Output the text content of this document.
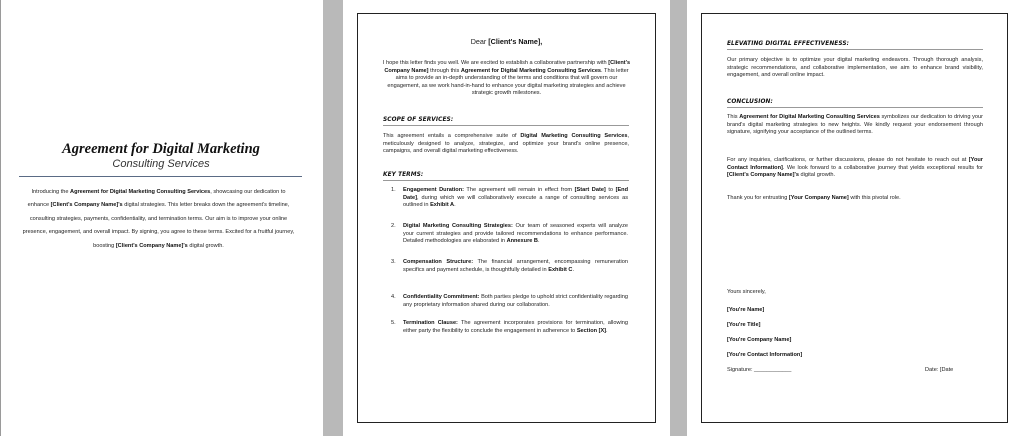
Agreement for Digital Marketing
Consulting Services
Introducing the Agreement for Digital Marketing Consulting Services, showcasing our dedication to enhance [Client's Company Name]'s digital strategies. This letter breaks down the agreement's timeline, consulting strategies, payments, confidentiality, and termination terms. Our aim is to improve your online presence, engagement, and overall impact. By signing, you agree to these terms. Excited for a fruitful journey, boosting [Client's Company Name]'s digital growth.
Dear [Client's Name],
I hope this letter finds you well. We are excited to establish a collaborative partnership with [Client's Company Name] through this Agreement for Digital Marketing Consulting Services. This letter aims to provide an in-depth understanding of the terms and conditions that will govern our engagement, as we work hand-in-hand to enhance your digital marketing strategies and achieve strategic growth milestones.
SCOPE OF SERVICES:
This agreement entails a comprehensive suite of Digital Marketing Consulting Services, meticulously designed to analyze, strategize, and optimize your brand's online presence, campaigns, and overall digital marketing effectiveness.
KEY TERMS:
1. Engagement Duration: The agreement will remain in effect from [Start Date] to [End Date], during which we will collaboratively execute a range of consulting services as outlined in Exhibit A.
2. Digital Marketing Consulting Strategies: Our team of seasoned experts will analyze your current strategies and provide tailored recommendations to enhance performance. Detailed methodologies are elaborated in Annexure B.
3. Compensation Structure: The financial arrangement, encompassing remuneration specifics and payment schedule, is thoughtfully detailed in Exhibit C.
4. Confidentiality Commitment: Both parties pledge to uphold strict confidentiality regarding any proprietary information shared during our collaboration.
5. Termination Clause: The agreement incorporates provisions for termination, allowing either party the flexibility to conclude the engagement in adherence to Section [X].
ELEVATING DIGITAL EFFECTIVENESS:
Our primary objective is to optimize your digital marketing endeavors. Through thorough analysis, strategic recommendations, and collaborative implementation, we aim to enhance brand visibility, engagement, and overall online impact.
CONCLUSION:
This Agreement for Digital Marketing Consulting Services symbolizes our dedication to driving your brand's digital marketing strategies to new heights. We kindly request your endorsement through signature, signifying your acceptance of the outlined terms.
For any inquiries, clarifications, or further discussions, please do not hesitate to reach out at [Your Contact Information]. We look forward to a collaborative journey that yields exceptional results for [Client's Company Name]'s digital growth.
Thank you for entrusting [Your Company Name] with this pivotal role.
Yours sincerely,
[You're Name]
[You're Title]
[You're Company Name]
[You're Contact Information]
Signature: ____________	Date: [Date
